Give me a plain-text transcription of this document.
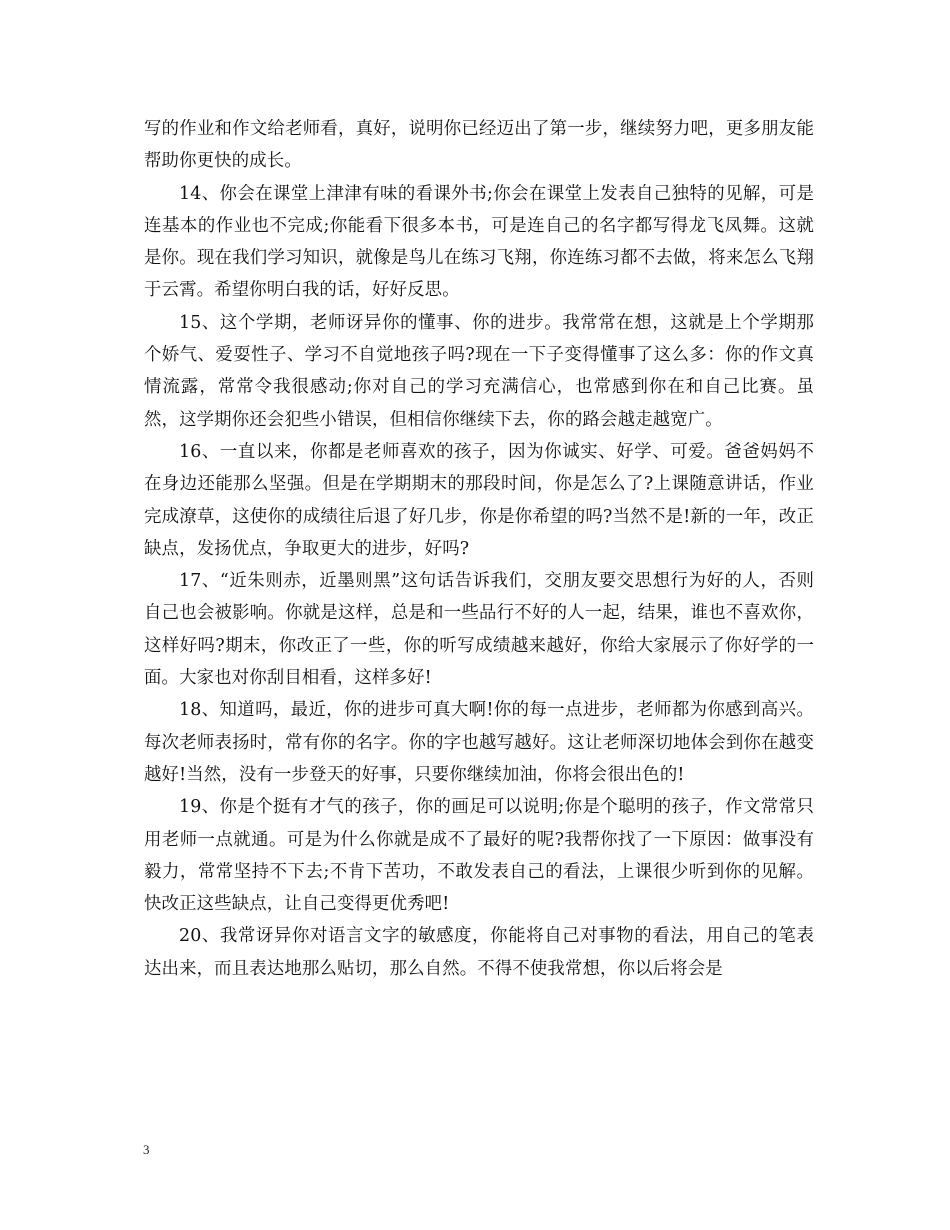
写的作业和作文给老师看，真好，说明你已经迈出了第一步，继续努力吧，更多朋友能帮助你更快的成长。

14、你会在课堂上津津有味的看课外书;你会在课堂上发表自己独特的见解，可是连基本的作业也不完成;你能看下很多本书，可是连自己的名字都写得龙飞凤舞。这就是你。现在我们学习知识，就像是鸟儿在练习飞翔，你连练习都不去做，将来怎么飞翔于云霄。希望你明白我的话，好好反思。

15、这个学期，老师讶异你的懂事、你的进步。我常常在想，这就是上个学期那个娇气、爱耍性子、学习不自觉地孩子吗?现在一下子变得懂事了这么多：你的作文真情流露，常常令我很感动;你对自己的学习充满信心，也常感到你在和自己比赛。虽然，这学期你还会犯些小错误，但相信你继续下去，你的路会越走越宽广。

16、一直以来，你都是老师喜欢的孩子，因为你诚实、好学、可爱。爸爸妈妈不在身边还能那么坚强。但是在学期期末的那段时间，你是怎么了?上课随意讲话，作业完成潦草，这使你的成绩往后退了好几步，你是你希望的吗?当然不是!新的一年，改正缺点，发扬优点，争取更大的进步，好吗?

17、“近朱则赤，近墨则黑”这句话告诉我们，交朋友要交思想行为好的人，否则自己也会被影响。你就是这样，总是和一些品行不好的人一起，结果，谁也不喜欢你，这样好吗?期末，你改正了一些，你的听写成绩越来越好，你给大家展示了你好学的一面。大家也对你刮目相看，这样多好!

18、知道吗，最近，你的进步可真大啊!你的每一点进步，老师都为你感到高兴。每次老师表扬时，常有你的名字。你的字也越写越好。这让老师深切地体会到你在越变越好!当然，没有一步登天的好事，只要你继续加油，你将会很出色的!

19、你是个挺有才气的孩子，你的画足可以说明;你是个聪明的孩子，作文常常只用老师一点就通。可是为什么你就是成不了最好的呢?我帮你找了一下原因：做事没有毅力，常常坚持不下去;不肯下苦功，不敢发表自己的看法，上课很少听到你的见解。快改正这些缺点，让自己变得更优秀吧!

20、我常讶异你对语言文字的敏感度，你能将自己对事物的看法，用自己的笔表达出来，而且表达地那么贴切，那么自然。不得不使我常想，你以后将会是

3
